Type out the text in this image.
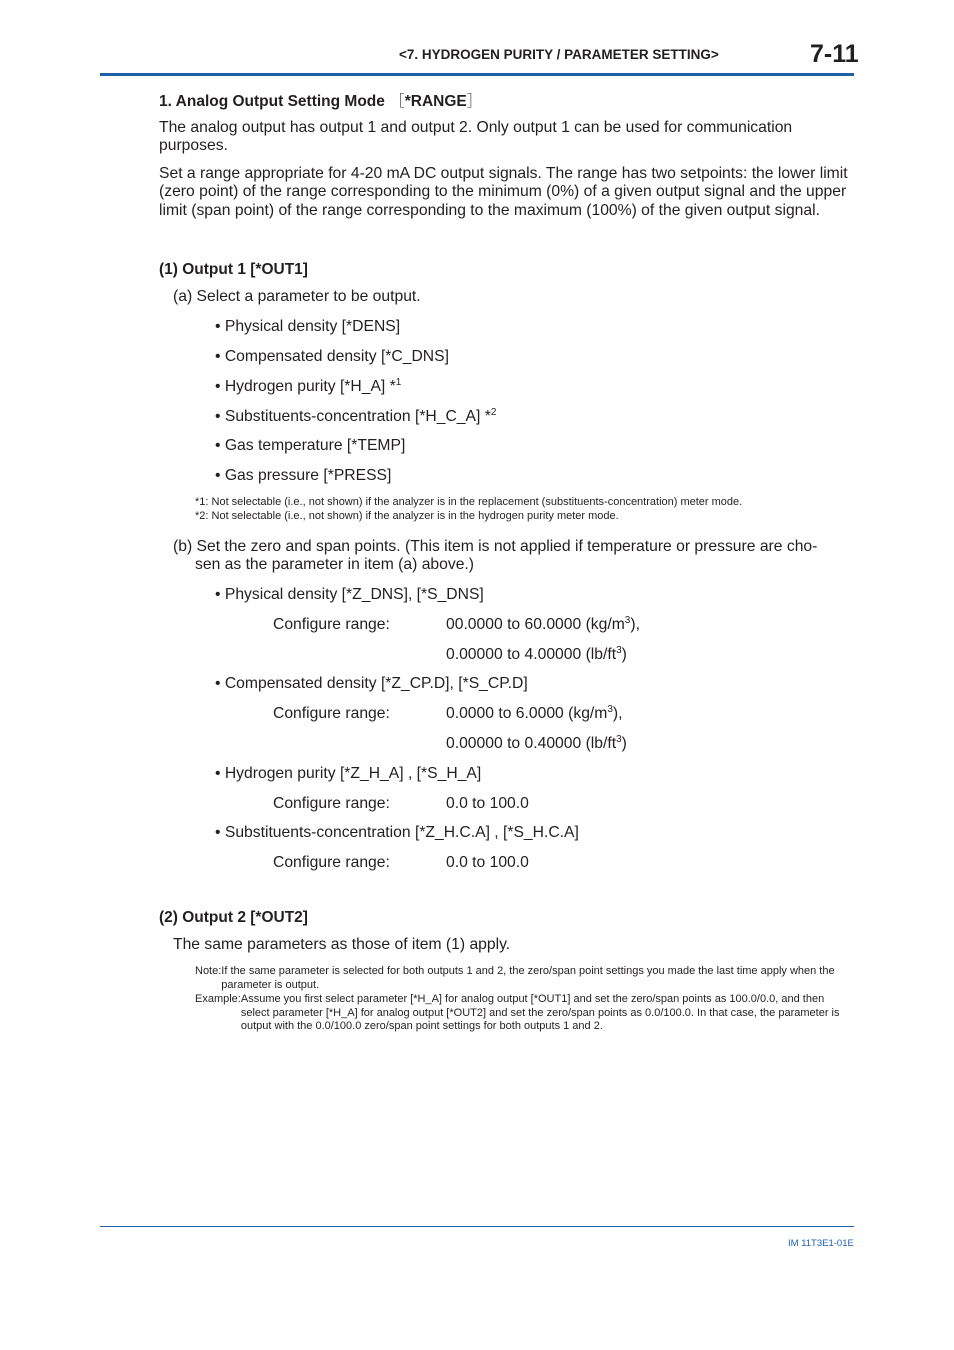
<7. HYDROGEN PURITY / PARAMETER SETTING>	7-11
1. Analog Output Setting Mode ［*RANGE］
The analog output has output 1 and output 2. Only output 1 can be used for communication purposes.
Set a range appropriate for 4-20 mA DC output signals. The range has two setpoints: the lower limit (zero point) of the range corresponding to the minimum (0%) of a given output signal and the upper limit (span point) of the range corresponding to the maximum (100%) of the given output signal.
(1) Output 1 [*OUT1]
(a) Select a parameter to be output.
• Physical density [*DENS]
• Compensated density [*C_DNS]
• Hydrogen purity [*H_A] *$^1$
• Substituents-concentration [*H_C_A] *$^2$
• Gas temperature [*TEMP]
• Gas pressure [*PRESS]
*1: Not selectable (i.e., not shown) if the analyzer is in the replacement (substituents-concentration) meter mode.
*2: Not selectable (i.e., not shown) if the analyzer is in the hydrogen purity meter mode.
(b) Set the zero and span points. (This item is not applied if temperature or pressure are cho-
sen as the parameter in item (a) above.)
• Physical density [*Z_DNS], [*S_DNS]
Configure range:	00.0000 to 60.0000 $(kg/m^3)$,
0.00000 to 4.00000 $(lb/ft^3)$
• Compensated density [*Z_CP.D], [*S_CP.D]
Configure range:	0.0000 to 6.0000 $(kg/m^3)$,
0.00000 to 0.40000 $(lb/ft^3)$
• Hydrogen purity [*Z_H_A] , [*S_H_A]
Configure range:	0.0 to 100.0
• Substituents-concentration [*Z_H.C.A] , [*S_H.C.A]
Configure range:	0.0 to 100.0
(2) Output 2 [*OUT2]
The same parameters as those of item (1) apply.
Note: If the same parameter is selected for both outputs 1 and 2, the zero/span point settings you made the last time apply when the parameter is output.
Example: Assume you first select parameter [*H_A] for analog output [*OUT1] and set the zero/span points as 100.0/0.0, and then select parameter [*H_A] for analog output [*OUT2] and set the zero/span points as 0.0/100.0. In that case, the parameter is output with the 0.0/100.0 zero/span point settings for both outputs 1 and 2.
IM 11T3E1-01E
